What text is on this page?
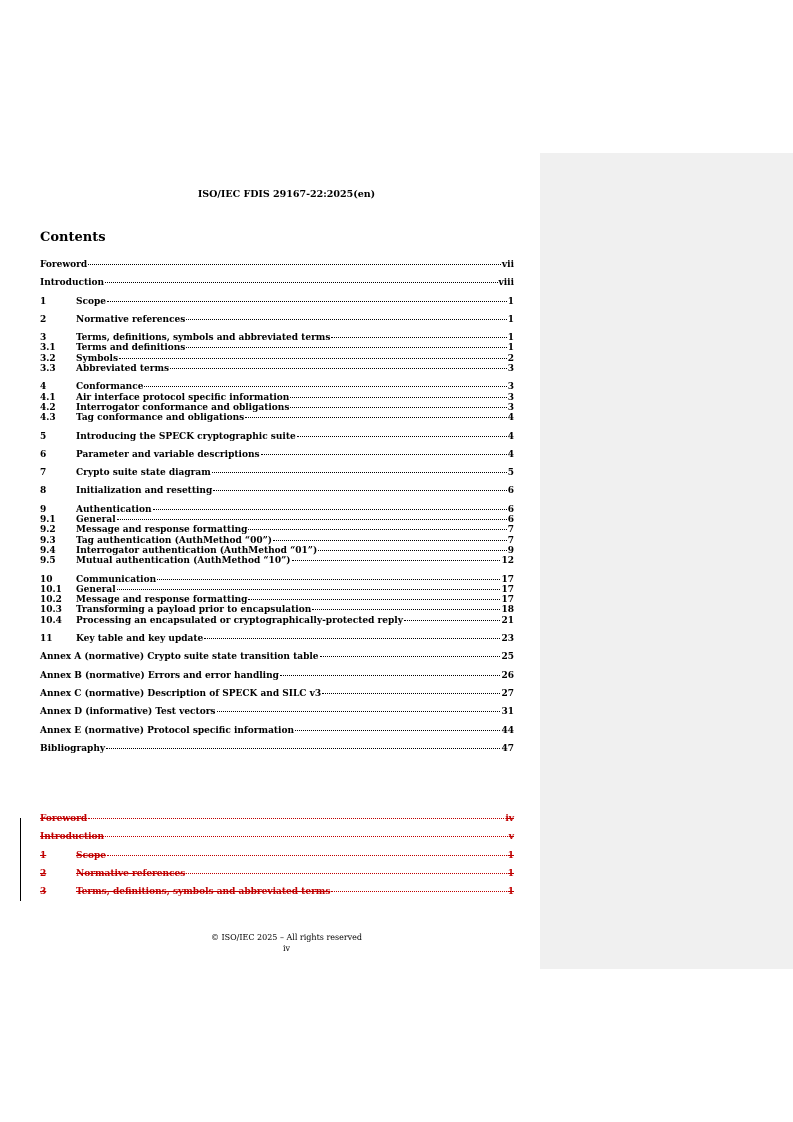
ISO/IEC FDIS 29167-22:2025(en)
Contents
Foreword	vii
Introduction	viii
1	Scope	1
2	Normative references	1
3	Terms, definitions, symbols and abbreviated terms	1
3.1	Terms and definitions	1
3.2	Symbols	2
3.3	Abbreviated terms	3
4	Conformance	3
4.1	Air interface protocol specific information	3
4.2	Interrogator conformance and obligations	3
4.3	Tag conformance and obligations	4
5	Introducing the SPECK cryptographic suite	4
6	Parameter and variable descriptions	4
7	Crypto suite state diagram	5
8	Initialization and resetting	6
9	Authentication	6
9.1	General	6
9.2	Message and response formatting	7
9.3	Tag authentication (AuthMethod “00”)	7
9.4	Interrogator authentication (AuthMethod “01”)	9
9.5	Mutual authentication (AuthMethod “10”)	12
10	Communication	17
10.1	General	17
10.2	Message and response formatting	17
10.3	Transforming a payload prior to encapsulation	18
10.4	Processing an encapsulated or cryptographically-protected reply	21
11	Key table and key update	23
Annex A (normative) Crypto suite state transition table	25
Annex B (normative) Errors and error handling	26
Annex C (normative) Description of SPECK and SILC v3	27
Annex D (informative) Test vectors	31
Annex E (normative) Protocol specific information	44
Bibliography	47
Foreword	iv
Introduction	v
1	Scope	1
2	Normative references	1
3	Terms, definitions, symbols and abbreviated terms	1
© ISO/IEC 2025 – All rights reserved
iv
